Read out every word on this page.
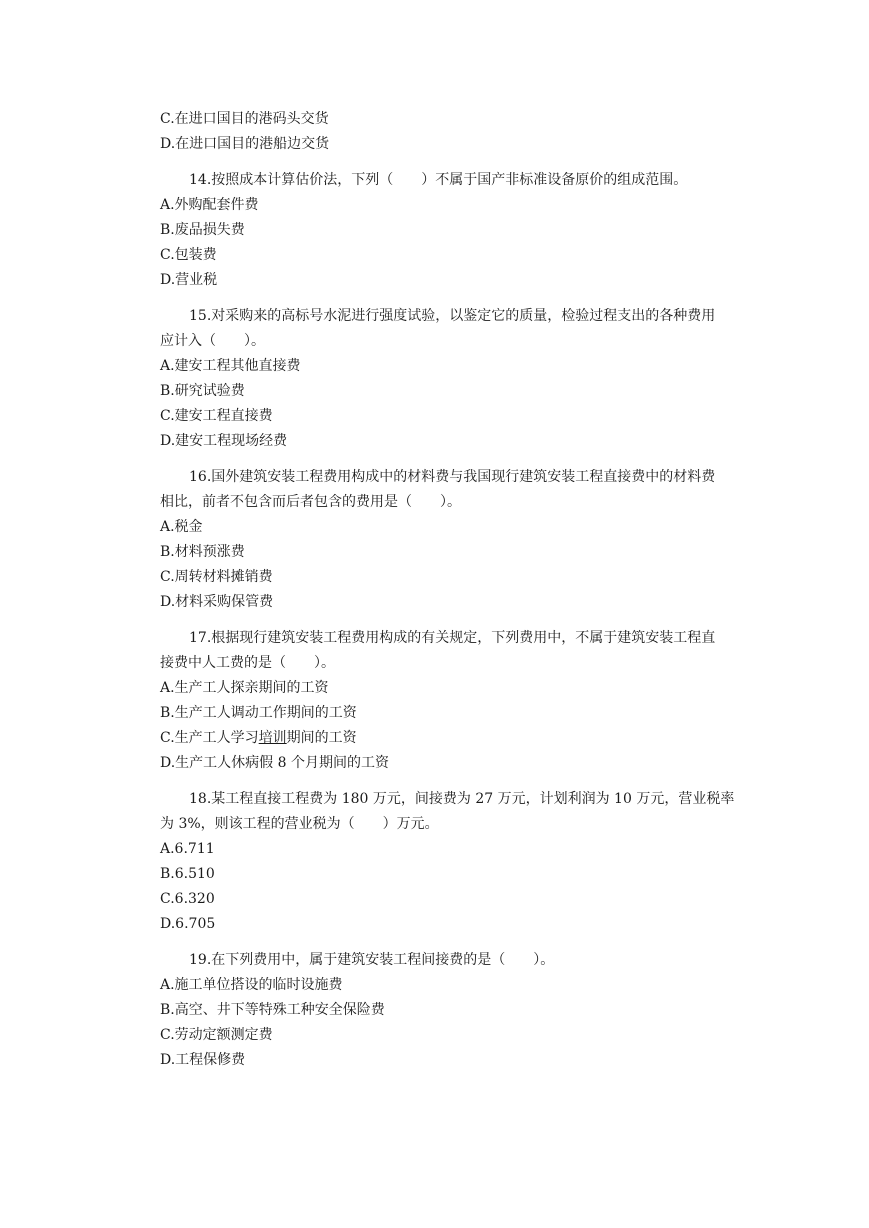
C.在进口国目的港码头交货
D.在进口国目的港船边交货
14.按照成本计算估价法，下列（　　）不属于国产非标准设备原价的组成范围。
A.外购配套件费
B.废品损失费
C.包装费
D.营业税
15.对采购来的高标号水泥进行强度试验，以鉴定它的质量，检验过程支出的各种费用
应计入（　　）。
A.建安工程其他直接费
B.研究试验费
C.建安工程直接费
D.建安工程现场经费
16.国外建筑安装工程费用构成中的材料费与我国现行建筑安装工程直接费中的材料费
相比，前者不包含而后者包含的费用是（　　）。
A.税金
B.材料预涨费
C.周转材料摊销费
D.材料采购保管费
17.根据现行建筑安装工程费用构成的有关规定，下列费用中，不属于建筑安装工程直
接费中人工费的是（　　）。
A.生产工人探亲期间的工资
B.生产工人调动工作期间的工资
C.生产工人学习培训期间的工资
D.生产工人休病假 8 个月期间的工资
18.某工程直接工程费为 180 万元，间接费为 27 万元，计划利润为 10 万元，营业税率
为 3%，则该工程的营业税为（　　）万元。
A.6.711
B.6.510
C.6.320
D.6.705
19.在下列费用中，属于建筑安装工程间接费的是（　　）。
A.施工单位搭设的临时设施费
B.高空、井下等特殊工种安全保险费
C.劳动定额测定费
D.工程保修费
